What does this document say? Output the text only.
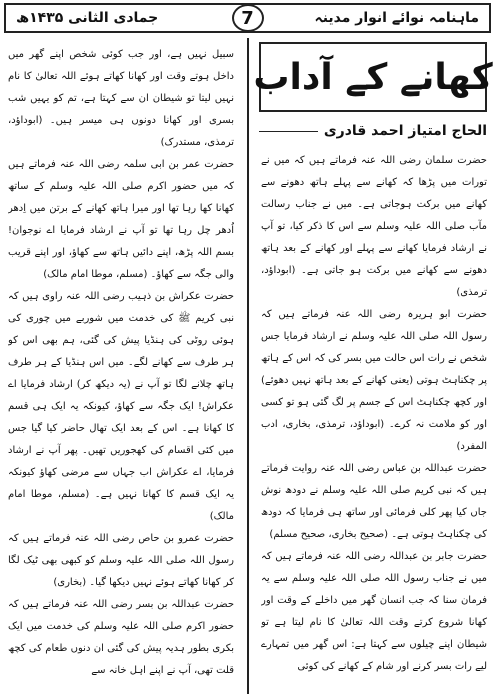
جمادی الثانی ۱۴۳۵ھ	ماہنامہ نوائے انوار مدینہ
7
کھانے کے آداب
الحاج امتیاز احمد قادری

حضرت سلمان رضی اللہ عنہ فرماتے ہیں کہ میں نے تورات میں پڑھا کہ کھانے سے پہلے ہاتھ دھونے سے کھانے میں برکت ہوجاتی ہے۔ میں نے جناب رسالت مآب صلی اللہ علیہ وسلم سے اس کا ذکر کیا، تو آپ نے ارشاد فرمایا کھانے سے پہلے اور کھانے کے بعد ہاتھ دھونے سے کھانے میں برکت ہو جاتی ہے۔ (ابوداؤد، ترمذی)

حضرت ابو ہریرہ رضی اللہ عنہ فرماتے ہیں کہ رسول اللہ صلی اللہ علیہ وسلم نے ارشاد فرمایا جس شخص نے رات اس حالت میں بسر کی کہ اس کے ہاتھ پر چکناہٹ ہوتی (یعنی کھانے کے بعد ہاتھ نہیں دھوئے) اور کچھ چکناہٹ اس کے جسم پر لگ گئی ہو تو کسی اور کو ملامت نہ کرے۔ (ابوداؤد، ترمذی، بخاری، ادب المفرد)

حضرت عبداللہ بن عباس رضی اللہ عنہ روایت فرماتے ہیں کہ نبی کریم صلی اللہ علیہ وسلم نے دودھ نوش جاں کیا پھر کلی فرمائی اور ساتھ ہی فرمایا کہ دودھ کی چکناہٹ ہوتی ہے۔ (صحیح بخاری، صحیح مسلم)

حضرت جابر بن عبداللہ رضی اللہ عنہ فرماتے ہیں کہ میں نے جناب رسول اللہ صلی اللہ علیہ وسلم سے یہ فرمان سنا کہ جب انسان گھر میں داخلے کے وقت اور کھانا شروع کرتے وقت اللہ تعالیٰ کا نام لیتا ہے تو شیطان اپنے چیلوں سے کہتا ہے: اس گھر میں تمہارے لیے رات بسر کرنے اور شام کے کھانے کی کوئی

سبیل نہیں ہے، اور جب کوئی شخص اپنے گھر میں داخل ہوتے وقت اور کھانا کھاتے ہوئے اللہ تعالیٰ کا نام نہیں لیتا تو شیطان ان سے کہتا ہے، تم کو یہیں شب بسری اور کھانا دونوں ہی میسر ہیں۔ (ابوداؤد، ترمذی، مستدرک)

حضرت عمر بن ابی سلمہ رضی اللہ عنہ فرماتے ہیں کہ میں حضور اکرم صلی اللہ علیہ وسلم کے ساتھ کھانا کھا رہا تھا اور میرا ہاتھ کھانے کے برتن میں اِدھر اُدھر چل رہا تھا تو آپ نے ارشاد فرمایا اے نوجوان! بسم اللہ پڑھ، اپنے دائیں ہاتھ سے کھاؤ، اور اپنے قریب والی جگہ سے کھاؤ۔ (مسلم، موطا امام مالک)

حضرت عکراش بن ذہیب رضی اللہ عنہ راوی ہیں کہ نبی کریم ﷺ کی خدمت میں شوربے میں چوری کی ہوئی روٹی کی ہنڈیا پیش کی گئی، ہم بھی اس کو ہر طرف سے کھانے لگے۔ میں اس ہنڈیا کے ہر طرف ہاتھ چلانے لگا تو آپ نے (یہ دیکھ کر) ارشاد فرمایا اے عکراش! ایک جگہ سے کھاؤ، کیونکہ یہ ایک ہی قسم کا کھانا ہے۔ اس کے بعد ایک تھال حاضر کیا گیا جس میں کئی اقسام کی کھجوریں تھیں۔ پھر آپ نے ارشاد فرمایا، اے عکراش اب جہاں سے مرضی کھاؤ کیونکہ یہ ایک قسم کا کھانا نہیں ہے۔ (مسلم، موطا امام مالک)

حضرت عمرو بن حاص رضی اللہ عنہ فرماتے ہیں کہ رسول اللہ صلی اللہ علیہ وسلم کو کبھی بھی ٹیک لگا کر کھانا کھاتے ہوئے نہیں دیکھا گیا۔ (بخاری)

حضرت عبداللہ بن بسر رضی اللہ عنہ فرماتے ہیں کہ حضور اکرم صلی اللہ علیہ وسلم کی خدمت میں ایک بکری بطور ہدیہ پیش کی گئی ان دنوں طعام کی کچھ قلت تھی، آپ نے اپنے اہل خانہ سے
